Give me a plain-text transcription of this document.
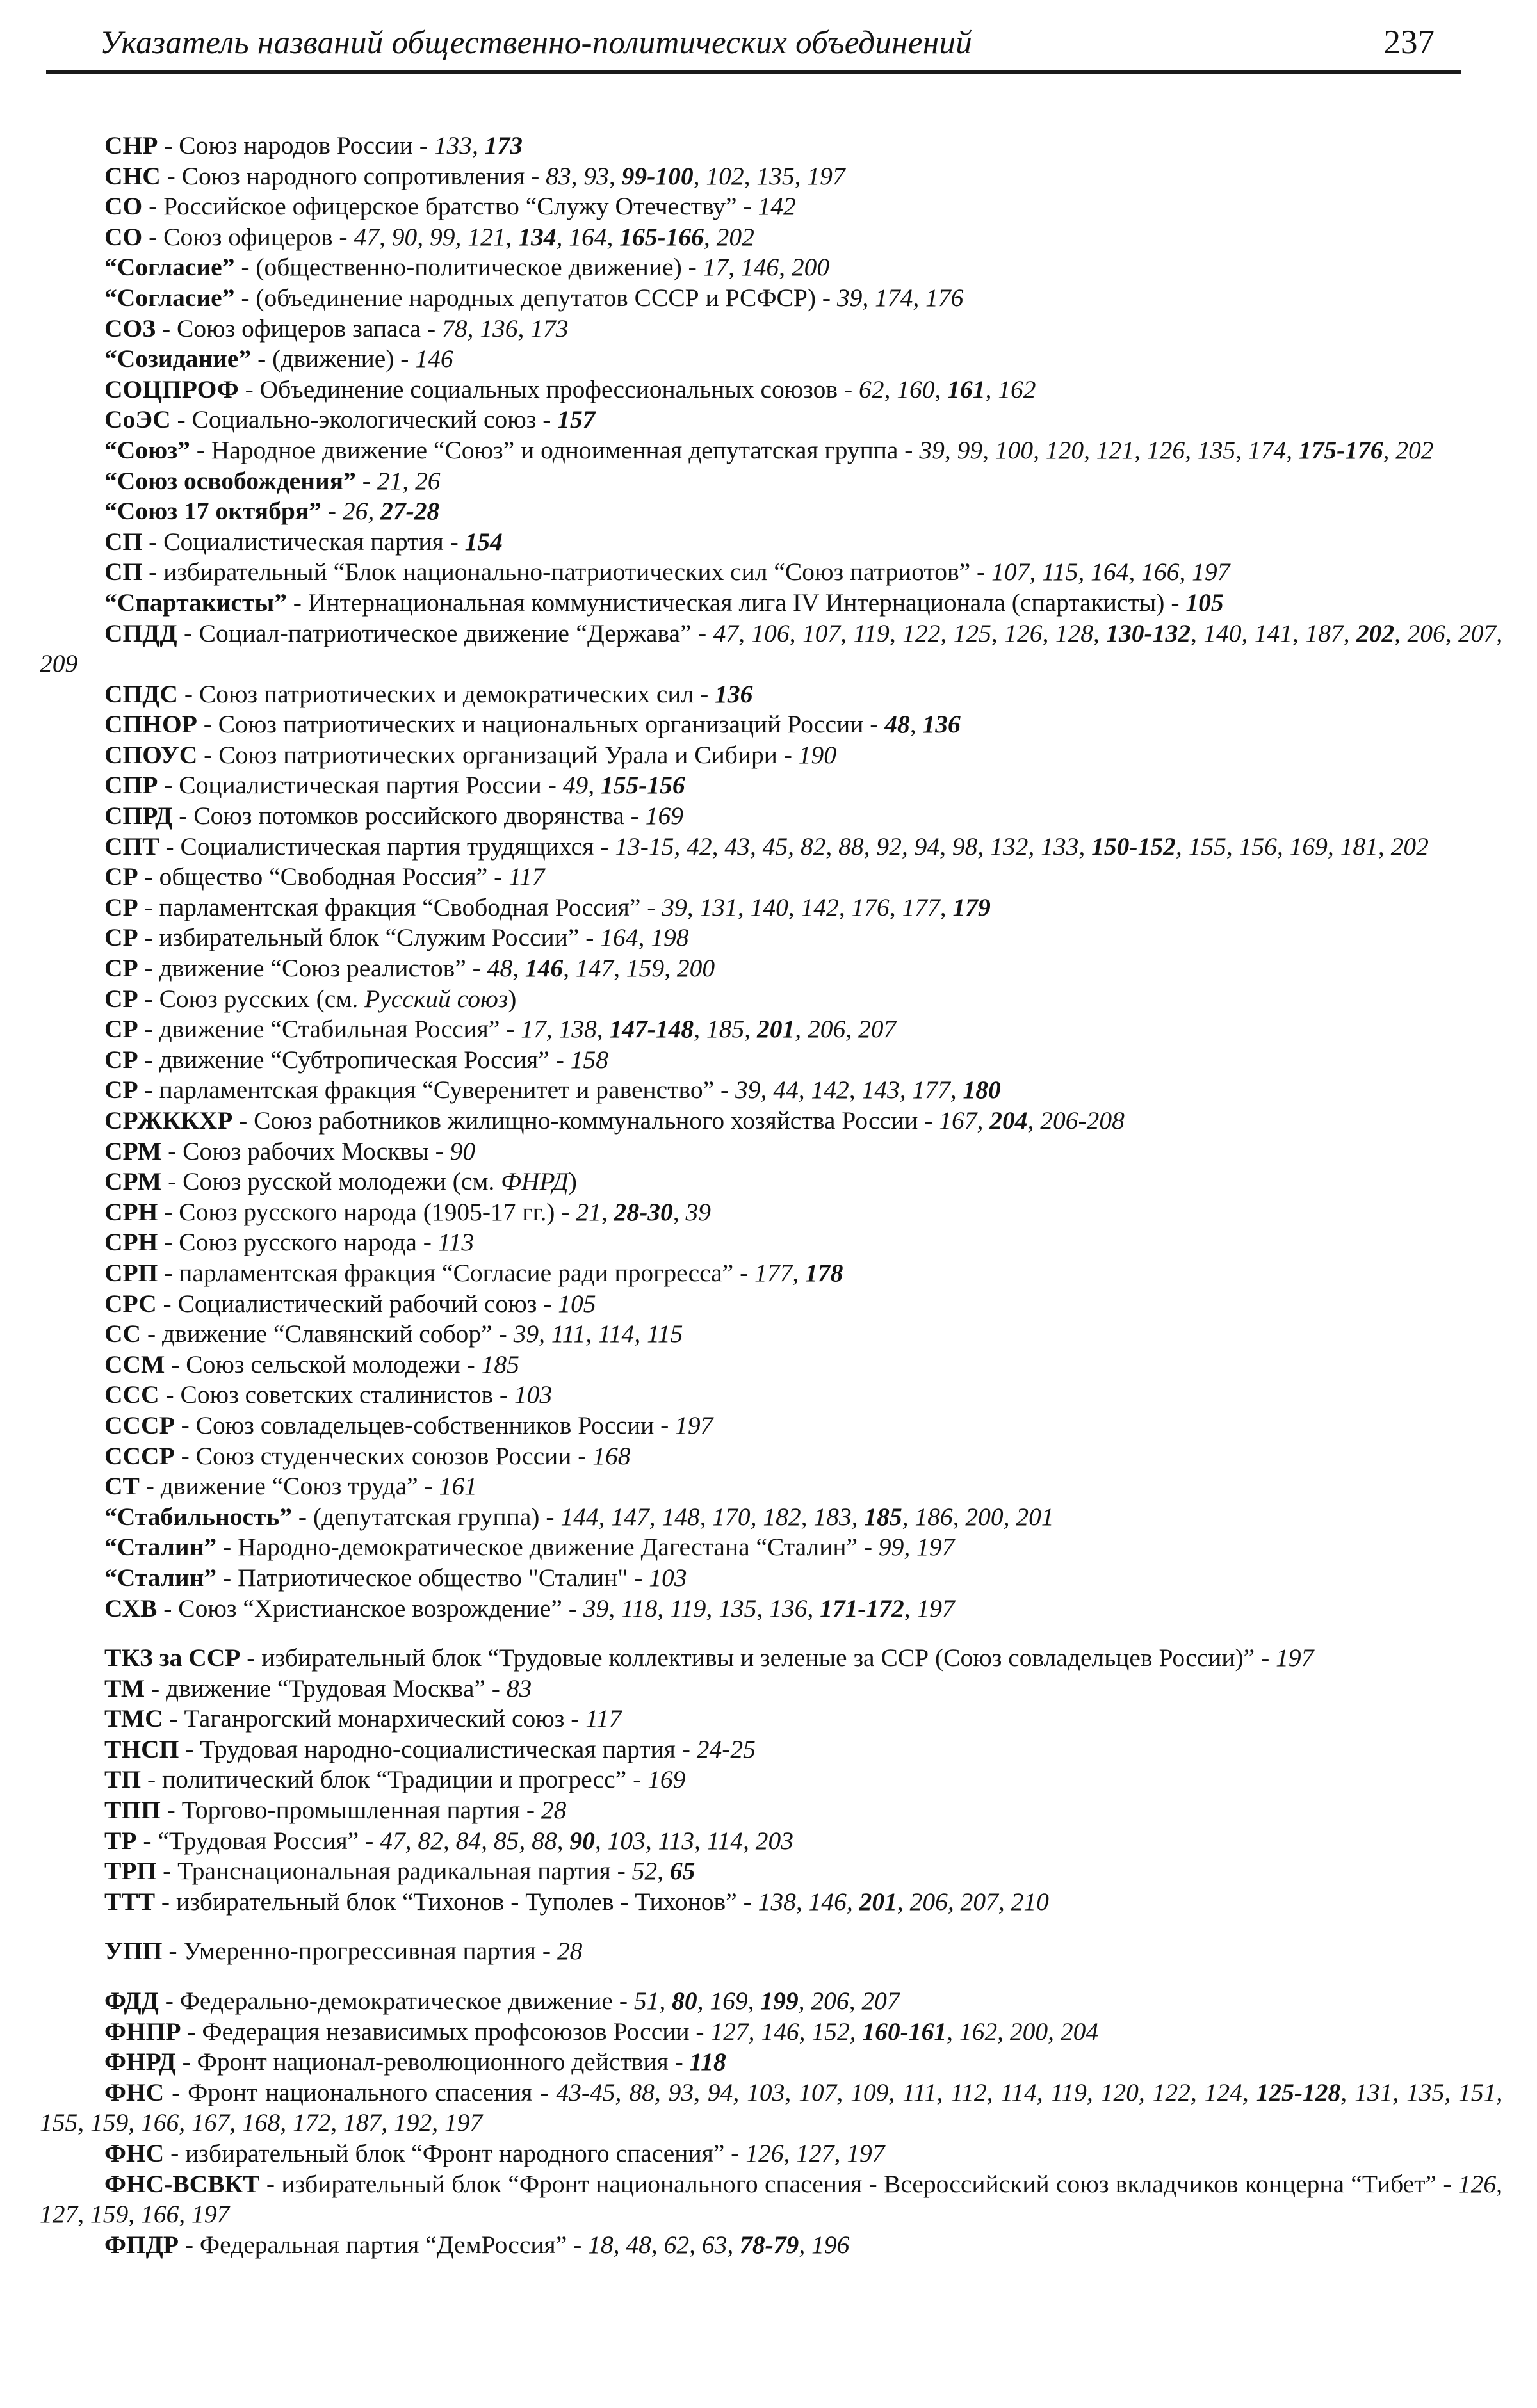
Указатель названий общественно-политических объединений	237
СНР - Союз народов России - 133, 173
СНС - Союз народного сопротивления - 83, 93, 99-100, 102, 135, 197
СО - Российское офицерское братство “Служу Отечеству” - 142
СО - Союз офицеров - 47, 90, 99, 121, 134, 164, 165-166, 202
“Согласие” - (общественно-политическое движение) - 17, 146, 200
“Согласие” - (объединение народных депутатов СССР и РСФСР) - 39, 174, 176
СОЗ - Союз офицеров запаса - 78, 136, 173
“Созидание” - (движение) - 146
СОЦПРОФ - Объединение социальных профессиональных союзов - 62, 160, 161, 162
СоЭС - Социально-экологический союз - 157
“Союз” - Народное движение “Союз” и одноименная депутатская группа - 39, 99, 100, 120, 121, 126, 135, 174, 175-176, 202
“Союз освобождения” - 21, 26
“Союз 17 октября” - 26, 27-28
СП - Социалистическая партия - 154
СП - избирательный “Блок национально-патриотических сил “Союз патриотов” - 107, 115, 164, 166, 197
“Спартакисты” - Интернациональная коммунистическая лига IV Интернационала (спартакисты) - 105
СПДД - Социал-патриотическое движение “Держава” - 47, 106, 107, 119, 122, 125, 126, 128, 130-132, 140, 141, 187, 202, 206, 207, 209
СПДС - Союз патриотических и демократических сил - 136
СПНОР - Союз патриотических и национальных организаций России - 48, 136
СПОУС - Союз патриотических организаций Урала и Сибири - 190
СПР - Социалистическая партия России - 49, 155-156
СПРД - Союз потомков российского дворянства - 169
СПТ - Социалистическая партия трудящихся - 13-15, 42, 43, 45, 82, 88, 92, 94, 98, 132, 133, 150-152, 155, 156, 169, 181, 202
СР - общество “Свободная Россия” - 117
СР - парламентская фракция “Свободная Россия” - 39, 131, 140, 142, 176, 177, 179
СР - избирательный блок “Служим России” - 164, 198
СР - движение “Союз реалистов” - 48, 146, 147, 159, 200
СР - Союз русских (см. Русский союз)
СР - движение “Стабильная Россия” - 17, 138, 147-148, 185, 201, 206, 207
СР - движение “Субтропическая Россия” - 158
СР - парламентская фракция “Суверенитет и равенство” - 39, 44, 142, 143, 177, 180
СРЖККХР - Союз работников жилищно-коммунального хозяйства России - 167, 204, 206-208
СРМ - Союз рабочих Москвы - 90
СРМ - Союз русской молодежи (см. ФНРД)
СРН - Союз русского народа (1905-17 гг.) - 21, 28-30, 39
СРН - Союз русского народа - 113
СРП - парламентская фракция “Согласие ради прогресса” - 177, 178
СРС - Социалистический рабочий союз - 105
СС - движение “Славянский собор” - 39, 111, 114, 115
ССМ - Союз сельской молодежи - 185
ССС - Союз советских сталинистов - 103
СССР - Союз совладельцев-собственников России - 197
СССР - Союз студенческих союзов России - 168
СТ - движение “Союз труда” - 161
“Стабильность” - (депутатская группа) - 144, 147, 148, 170, 182, 183, 185, 186, 200, 201
“Сталин” - Народно-демократическое движение Дагестана “Сталин” - 99, 197
“Сталин” - Патриотическое общество "Сталин" - 103
СХВ - Союз “Христианское возрождение” - 39, 118, 119, 135, 136, 171-172, 197
ТКЗ за ССР - избирательный блок “Трудовые коллективы и зеленые за ССР (Союз совладельцев России)” - 197
ТМ - движение “Трудовая Москва” - 83
ТМС - Таганрогский монархический союз - 117
ТНСП - Трудовая народно-социалистическая партия - 24-25
ТП - политический блок “Традиции и прогресс” - 169
ТПП - Торгово-промышленная партия - 28
ТР - “Трудовая Россия” - 47, 82, 84, 85, 88, 90, 103, 113, 114, 203
ТРП - Транснациональная радикальная партия - 52, 65
ТТТ - избирательный блок “Тихонов - Туполев - Тихонов” - 138, 146, 201, 206, 207, 210
УПП - Умеренно-прогрессивная партия - 28
ФДД - Федерально-демократическое движение - 51, 80, 169, 199, 206, 207
ФНПР - Федерация независимых профсоюзов России - 127, 146, 152, 160-161, 162, 200, 204
ФНРД - Фронт национал-революционного действия - 118
ФНС - Фронт национального спасения - 43-45, 88, 93, 94, 103, 107, 109, 111, 112, 114, 119, 120, 122, 124, 125-128, 131, 135, 151, 155, 159, 166, 167, 168, 172, 187, 192, 197
ФНС - избирательный блок “Фронт народного спасения” - 126, 127, 197
ФНС-ВСВКТ - избирательный блок “Фронт национального спасения - Всероссийский союз вкладчиков концерна “Тибет” - 126, 127, 159, 166, 197
ФПДР - Федеральная партия “ДемРоссия” - 18, 48, 62, 63, 78-79, 196
